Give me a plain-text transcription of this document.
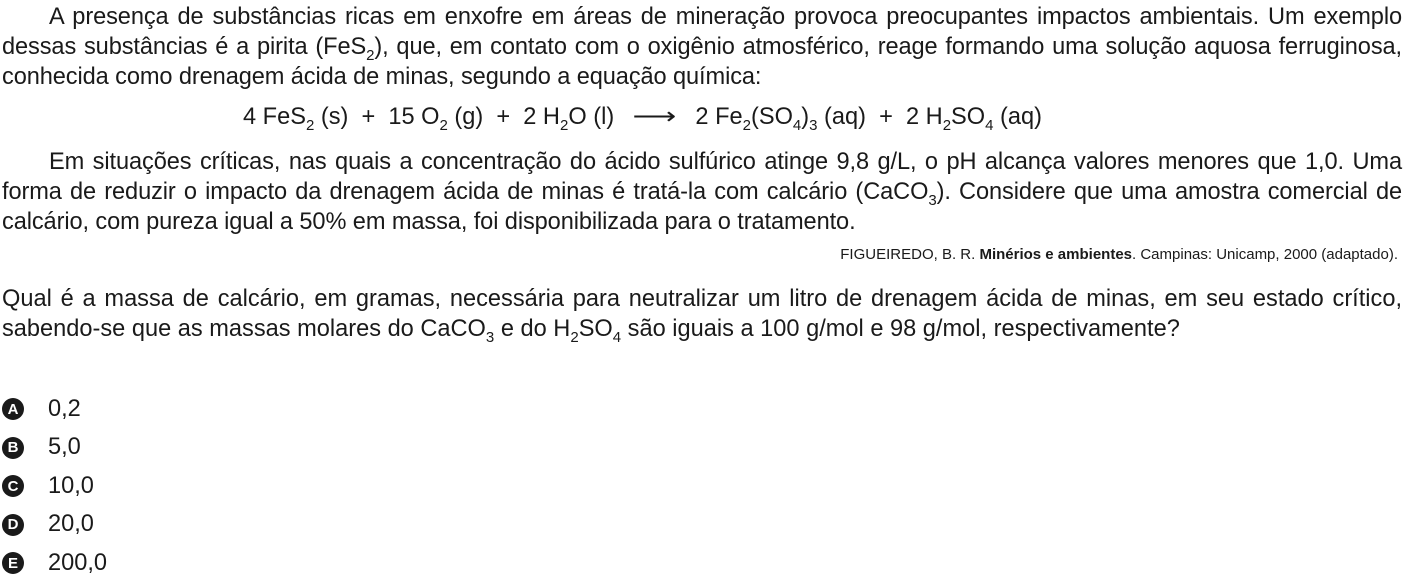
A presença de substâncias ricas em enxofre em áreas de mineração provoca preocupantes impactos ambientais. Um exemplo dessas substâncias é a pirita (FeS$_2$), que, em contato com o oxigênio atmosférico, reage formando uma solução aquosa ferruginosa, conhecida como drenagem ácida de minas, segundo a equação química:

4 FeS$_2$ (s)  +  15 $O_2$ (g)  +  2 $H_2O$ (l)  ⟶  2 $Fe_2(SO_4)_3$ (aq)  +  2 $H_2SO_4$ (aq)

Em situações críticas, nas quais a concentração do ácido sulfúrico atinge 9,8 g/L, o pH alcança valores menores que 1,0. Uma forma de reduzir o impacto da drenagem ácida de minas é tratá-la com calcário (CaCO$_3$). Considere que uma amostra comercial de calcário, com pureza igual a 50% em massa, foi disponibilizada para o tratamento.

FIGUEIREDO, B. R. Minérios e ambientes. Campinas: Unicamp, 2000 (adaptado).

Qual é a massa de calcário, em gramas, necessária para neutralizar um litro de drenagem ácida de minas, em seu estado crítico, sabendo-se que as massas molares do CaCO$_3$ e do $H_2SO_4$ são iguais a 100 g/mol e 98 g/mol, respectivamente?

A 0,2
B 5,0
C 10,0
D 20,0
E 200,0
